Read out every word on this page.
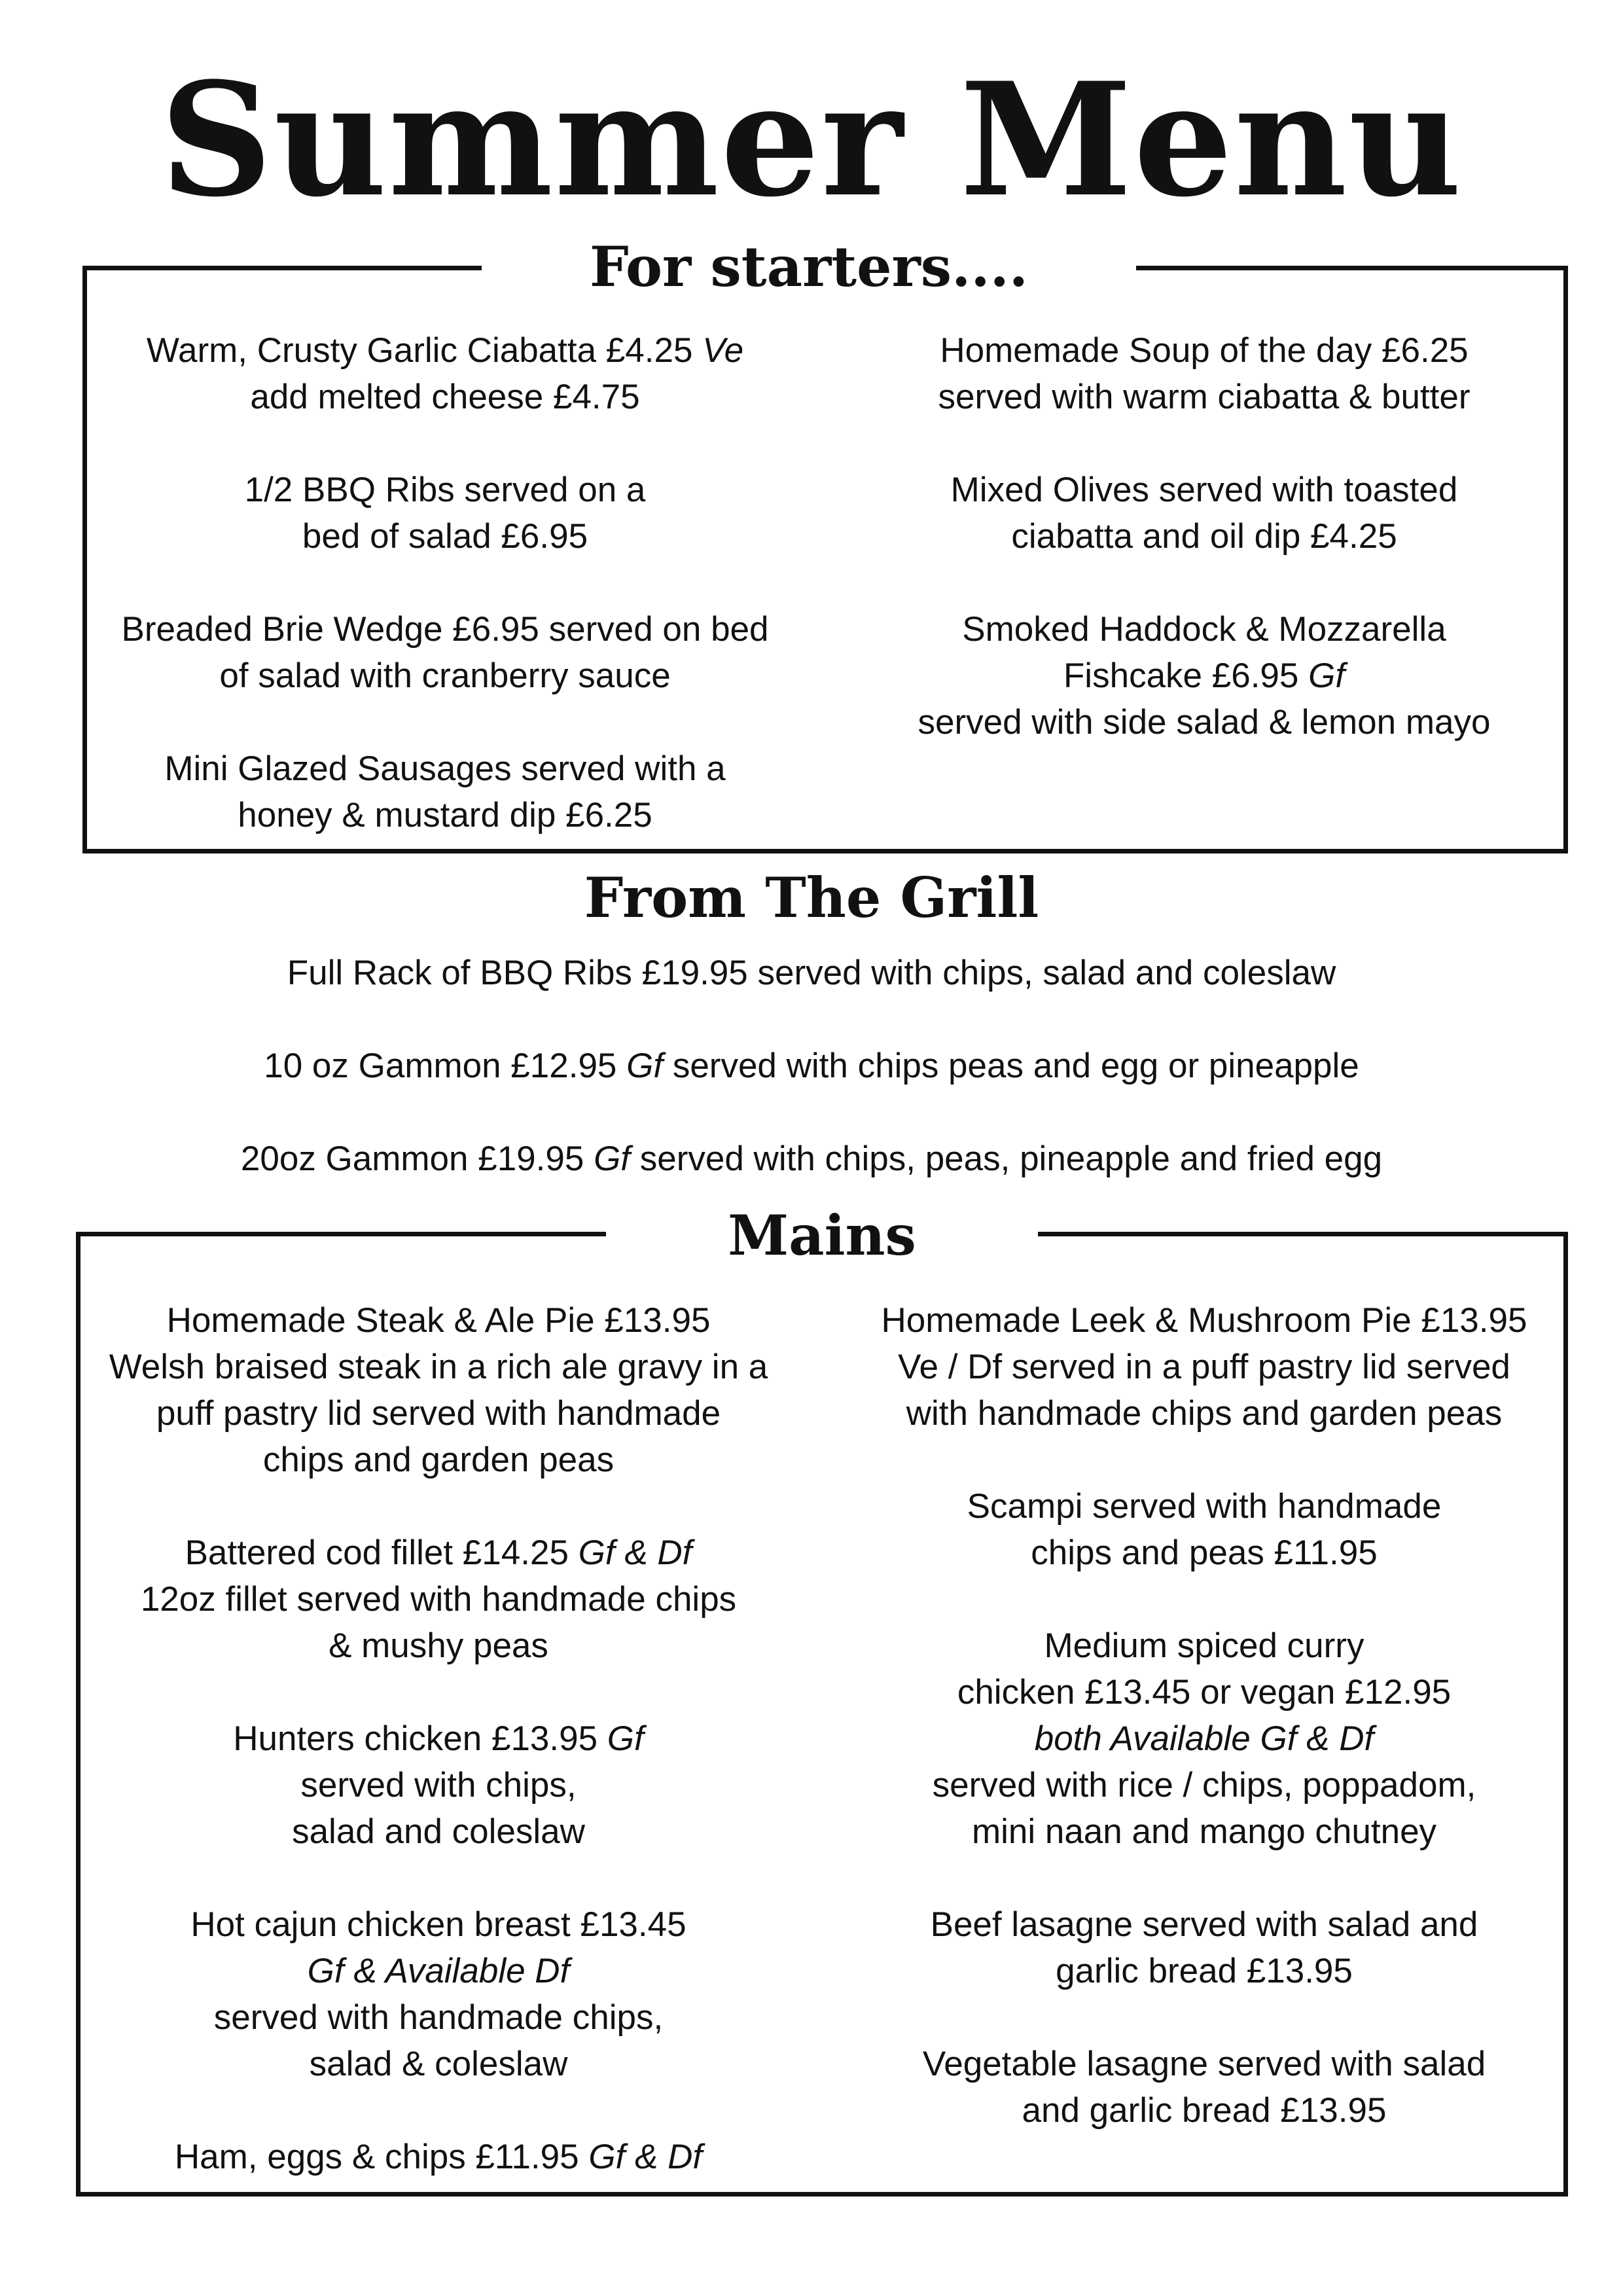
Summer Menu
For starters....

Warm, Crusty Garlic Ciabatta £4.25 Ve
add melted cheese £4.75

1/2 BBQ Ribs served on a
bed of salad £6.95

Breaded Brie Wedge £6.95 served on bed
of salad with cranberry sauce

Mini Glazed Sausages served with a
honey & mustard dip £6.25

Homemade Soup of the day £6.25
served with warm ciabatta & butter

Mixed Olives served with toasted
ciabatta and oil dip £4.25

Smoked Haddock & Mozzarella
Fishcake £6.95 Gf
served with side salad & lemon mayo

From The Grill
Full Rack of BBQ Ribs £19.95 served with chips, salad and coleslaw
10 oz Gammon £12.95 Gf served with chips peas and egg or pineapple
20oz Gammon £19.95 Gf served with chips, peas, pineapple and fried egg
Mains

Homemade Steak & Ale Pie £13.95
Welsh braised steak in a rich ale gravy in a
puff pastry lid served with handmade
chips and garden peas

Battered cod fillet £14.25 Gf & Df
12oz fillet served with handmade chips
& mushy peas

Hunters chicken £13.95 Gf
served with chips,
salad and coleslaw

Hot cajun chicken breast £13.45
Gf & Available Df
served with handmade chips,
salad & coleslaw

Ham, eggs & chips £11.95 Gf & Df

Homemade Leek & Mushroom Pie £13.95
Ve / Df served in a puff pastry lid served
with handmade chips and garden peas

Scampi served with handmade
chips and peas £11.95

Medium spiced curry
chicken £13.45 or vegan £12.95
both Available Gf & Df
served with rice / chips, poppadom,
mini naan and mango chutney

Beef lasagne served with salad and
garlic bread £13.95

Vegetable lasagne served with salad
and garlic bread £13.95
